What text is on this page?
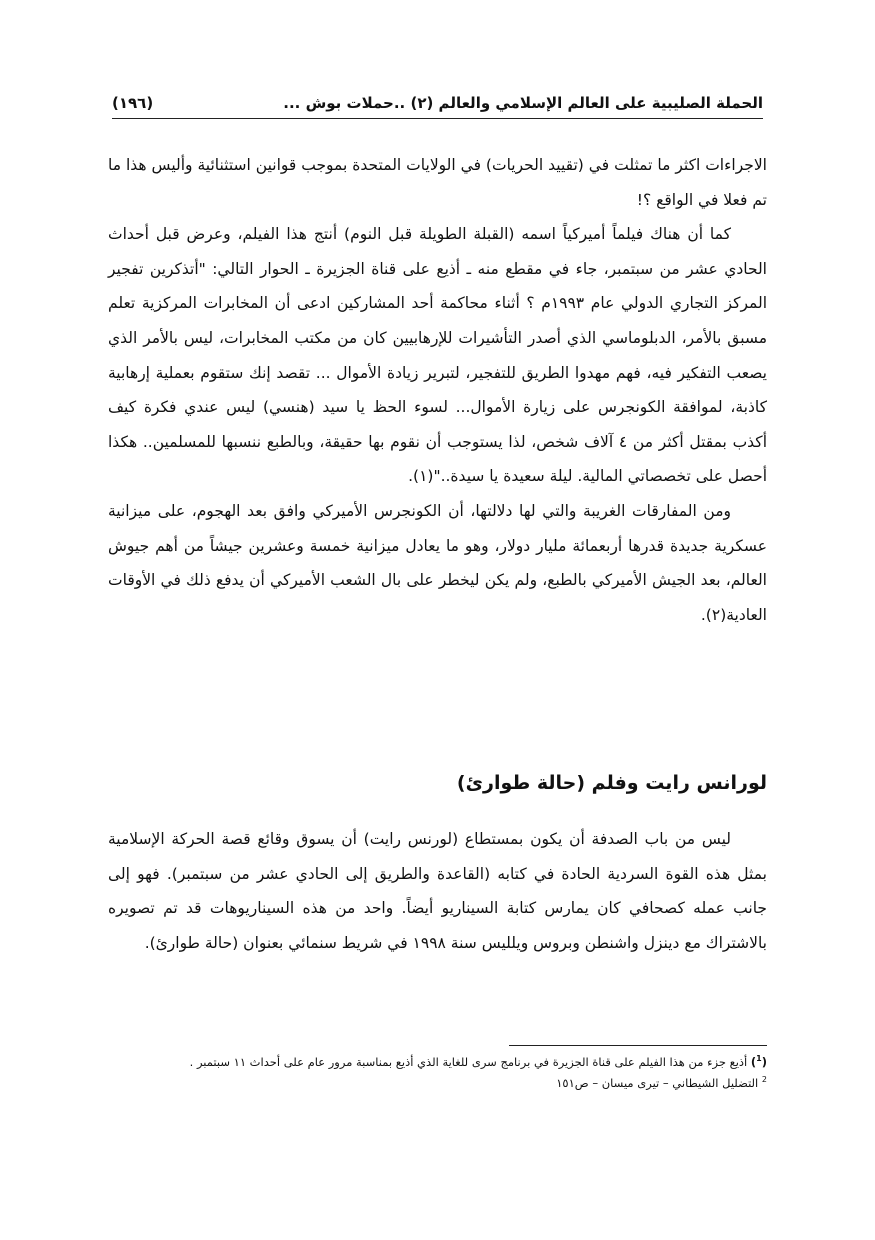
الحملة الصليبية على العالم الإسلامي والعالم (٢) ..حملات بوش ...
(١٩٦)

الاجراءات اكثر ما تمثلت في (تقييد الحريات) في الولايات المتحدة بموجب قوانين استثنائية وأليس هذا ما تم فعلا في الواقع ؟!

كما أن هناك فيلماً أميركياً اسمه (القبلة الطويلة قبل النوم) أنتج هذا الفيلم، وعرض قبل أحداث الحادي عشر من سبتمبر، جاء في مقطع منه ـ أذيع على قناة الجزيرة ـ الحوار التالي: "أتذكرين تفجير المركز التجاري الدولي عام ١٩٩٣م ؟ أثناء محاكمة أحد المشاركين ادعى أن المخابرات المركزية تعلم مسبق بالأمر، الدبلوماسي الذي أصدر التأشيرات للإرهابيين كان من مكتب المخابرات، ليس بالأمر الذي يصعب التفكير فيه، فهم مهدوا الطريق للتفجير، لتبرير زيادة الأموال ... تقصد إنك ستقوم بعملية إرهابية كاذبة، لموافقة الكونجرس على زيارة الأموال... لسوء الحظ يا سيد (هنسي) ليس عندي فكرة كيف أكذب بمقتل أكثر من ٤ آلاف شخص، لذا يستوجب أن نقوم بها حقيقة، وبالطبع ننسبها للمسلمين.. هكذا أحصل على تخصصاتي المالية. ليلة سعيدة يا سيدة.."(١).

ومن المفارقات الغريبة والتي لها دلالتها، أن الكونجرس الأميركي وافق بعد الهجوم، على ميزانية عسكرية جديدة قدرها أربعمائة مليار دولار، وهو ما يعادل ميزانية خمسة وعشرين جيشاً من أهم جيوش العالم، بعد الجيش الأميركي بالطبع، ولم يكن ليخطر على بال الشعب الأميركي أن يدفع ذلك في الأوقات العادية(٢).

لورانس رايت وفلم (حالة طوارئ)

ليس من باب الصدفة أن يكون بمستطاع (لورنس رايت) أن يسوق وقائع قصة الحركة الإسلامية بمثل هذه القوة السردية الحادة في كتابه (القاعدة والطريق إلى الحادي عشر من سبتمبر). فهو إلى جانب عمله كصحافي كان يمارس كتابة السيناريو أيضاً. واحد من هذه السيناريوهات قد تم تصويره بالاشتراك مع دينزل واشنطن وبروس ويلليس سنة ١٩٩٨ في شريط سنمائي بعنوان (حالة طوارئ).

($^1$) أذيع جزء من هذا الفيلم على قناة الجزيرة في برنامج سرى للغاية الذي أذيع بمناسبة مرور عام على أحداث ١١ سبتمبر .

$^2$ التضليل الشيطاني – تيرى ميسان – ص١٥١
